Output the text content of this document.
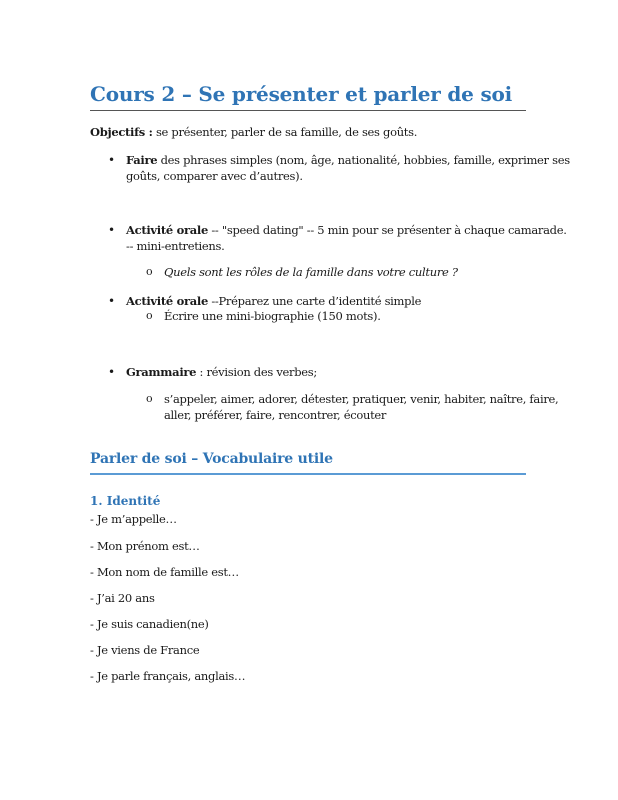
Cours 2 – Se présenter et parler de soi
Objectifs : se présenter, parler de sa famille, de ses goûts.
• Faire des phrases simples (nom, âge, nationalité, hobbies, famille, exprimer ses
goûts, comparer avec d’autres).
• Activité orale -- "speed dating" -- 5 min pour se présenter à chaque camarade.
-- mini-entretiens.
o Quels sont les rôles de la famille dans votre culture ?
• Activité orale --Préparez une carte d’identité simple
o Écrire une mini-biographie (150 mots).
• Grammaire : révision des verbes;
o s’appeler, aimer, adorer, détester, pratiquer, venir, habiter, naître, faire,
aller, préférer, faire, rencontrer, écouter
Parler de soi – Vocabulaire utile
1. Identité
- Je m’appelle…
- Mon prénom est…
- Mon nom de famille est…
- J’ai 20 ans
- Je suis canadien(ne)
- Je viens de France
- Je parle français, anglais…
